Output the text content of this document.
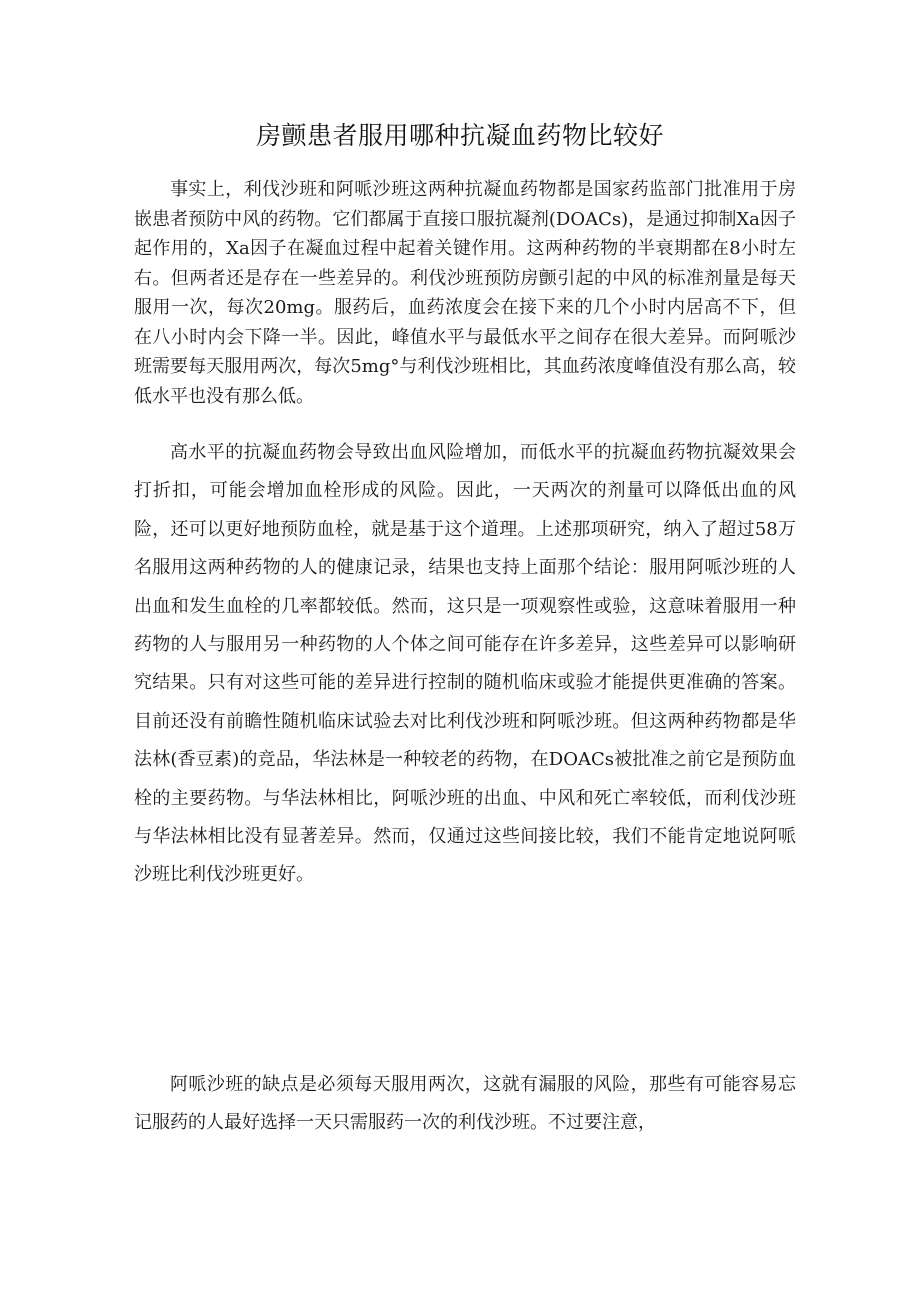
房颤患者服用哪种抗凝血药物比较好

事实上，利伐沙班和阿哌沙班这两种抗凝血药物都是国家药监部门批准用于房嵌患者预防中风的药物。它们都属于直接口服抗凝剂(DOACs)，是通过抑制Xa因子起作用的，Xa因子在凝血过程中起着关键作用。这两种药物的半衰期都在8小时左右。但两者还是存在一些差异的。利伐沙班预防房颤引起的中风的标准剂量是每天服用一次，每次20mg。服药后，血药浓度会在接下来的几个小时内居高不下，但在八小时内会下降一半。因此，峰值水平与最低水平之间存在很大差异。而阿哌沙班需要每天服用两次，每次5mg°与利伐沙班相比，其血药浓度峰值没有那么高，较低水平也没有那么低。

高水平的抗凝血药物会导致出血风险增加，而低水平的抗凝血药物抗凝效果会打折扣，可能会增加血栓形成的风险。因此，一天两次的剂量可以降低出血的风险，还可以更好地预防血栓，就是基于这个道理。上述那项研究，纳入了超过58万名服用这两种药物的人的健康记录，结果也支持上面那个结论：服用阿哌沙班的人出血和发生血栓的几率都较低。然而，这只是一项观察性或验，这意味着服用一种药物的人与服用另一种药物的人个体之间可能存在许多差异，这些差异可以影响研究结果。只有对这些可能的差异进行控制的随机临床或验才能提供更准确的答案。目前还没有前瞻性随机临床试验去对比利伐沙班和阿哌沙班。但这两种药物都是华法林(香豆素)的竞品，华法林是一种较老的药物，在DOACs被批准之前它是预防血栓的主要药物。与华法林相比，阿哌沙班的出血、中风和死亡率较低，而利伐沙班与华法林相比没有显著差异。然而，仅通过这些间接比较，我们不能肯定地说阿哌沙班比利伐沙班更好。

阿哌沙班的缺点是必须每天服用两次，这就有漏服的风险，那些有可能容易忘记服药的人最好选择一天只需服药一次的利伐沙班。不过要注意，
